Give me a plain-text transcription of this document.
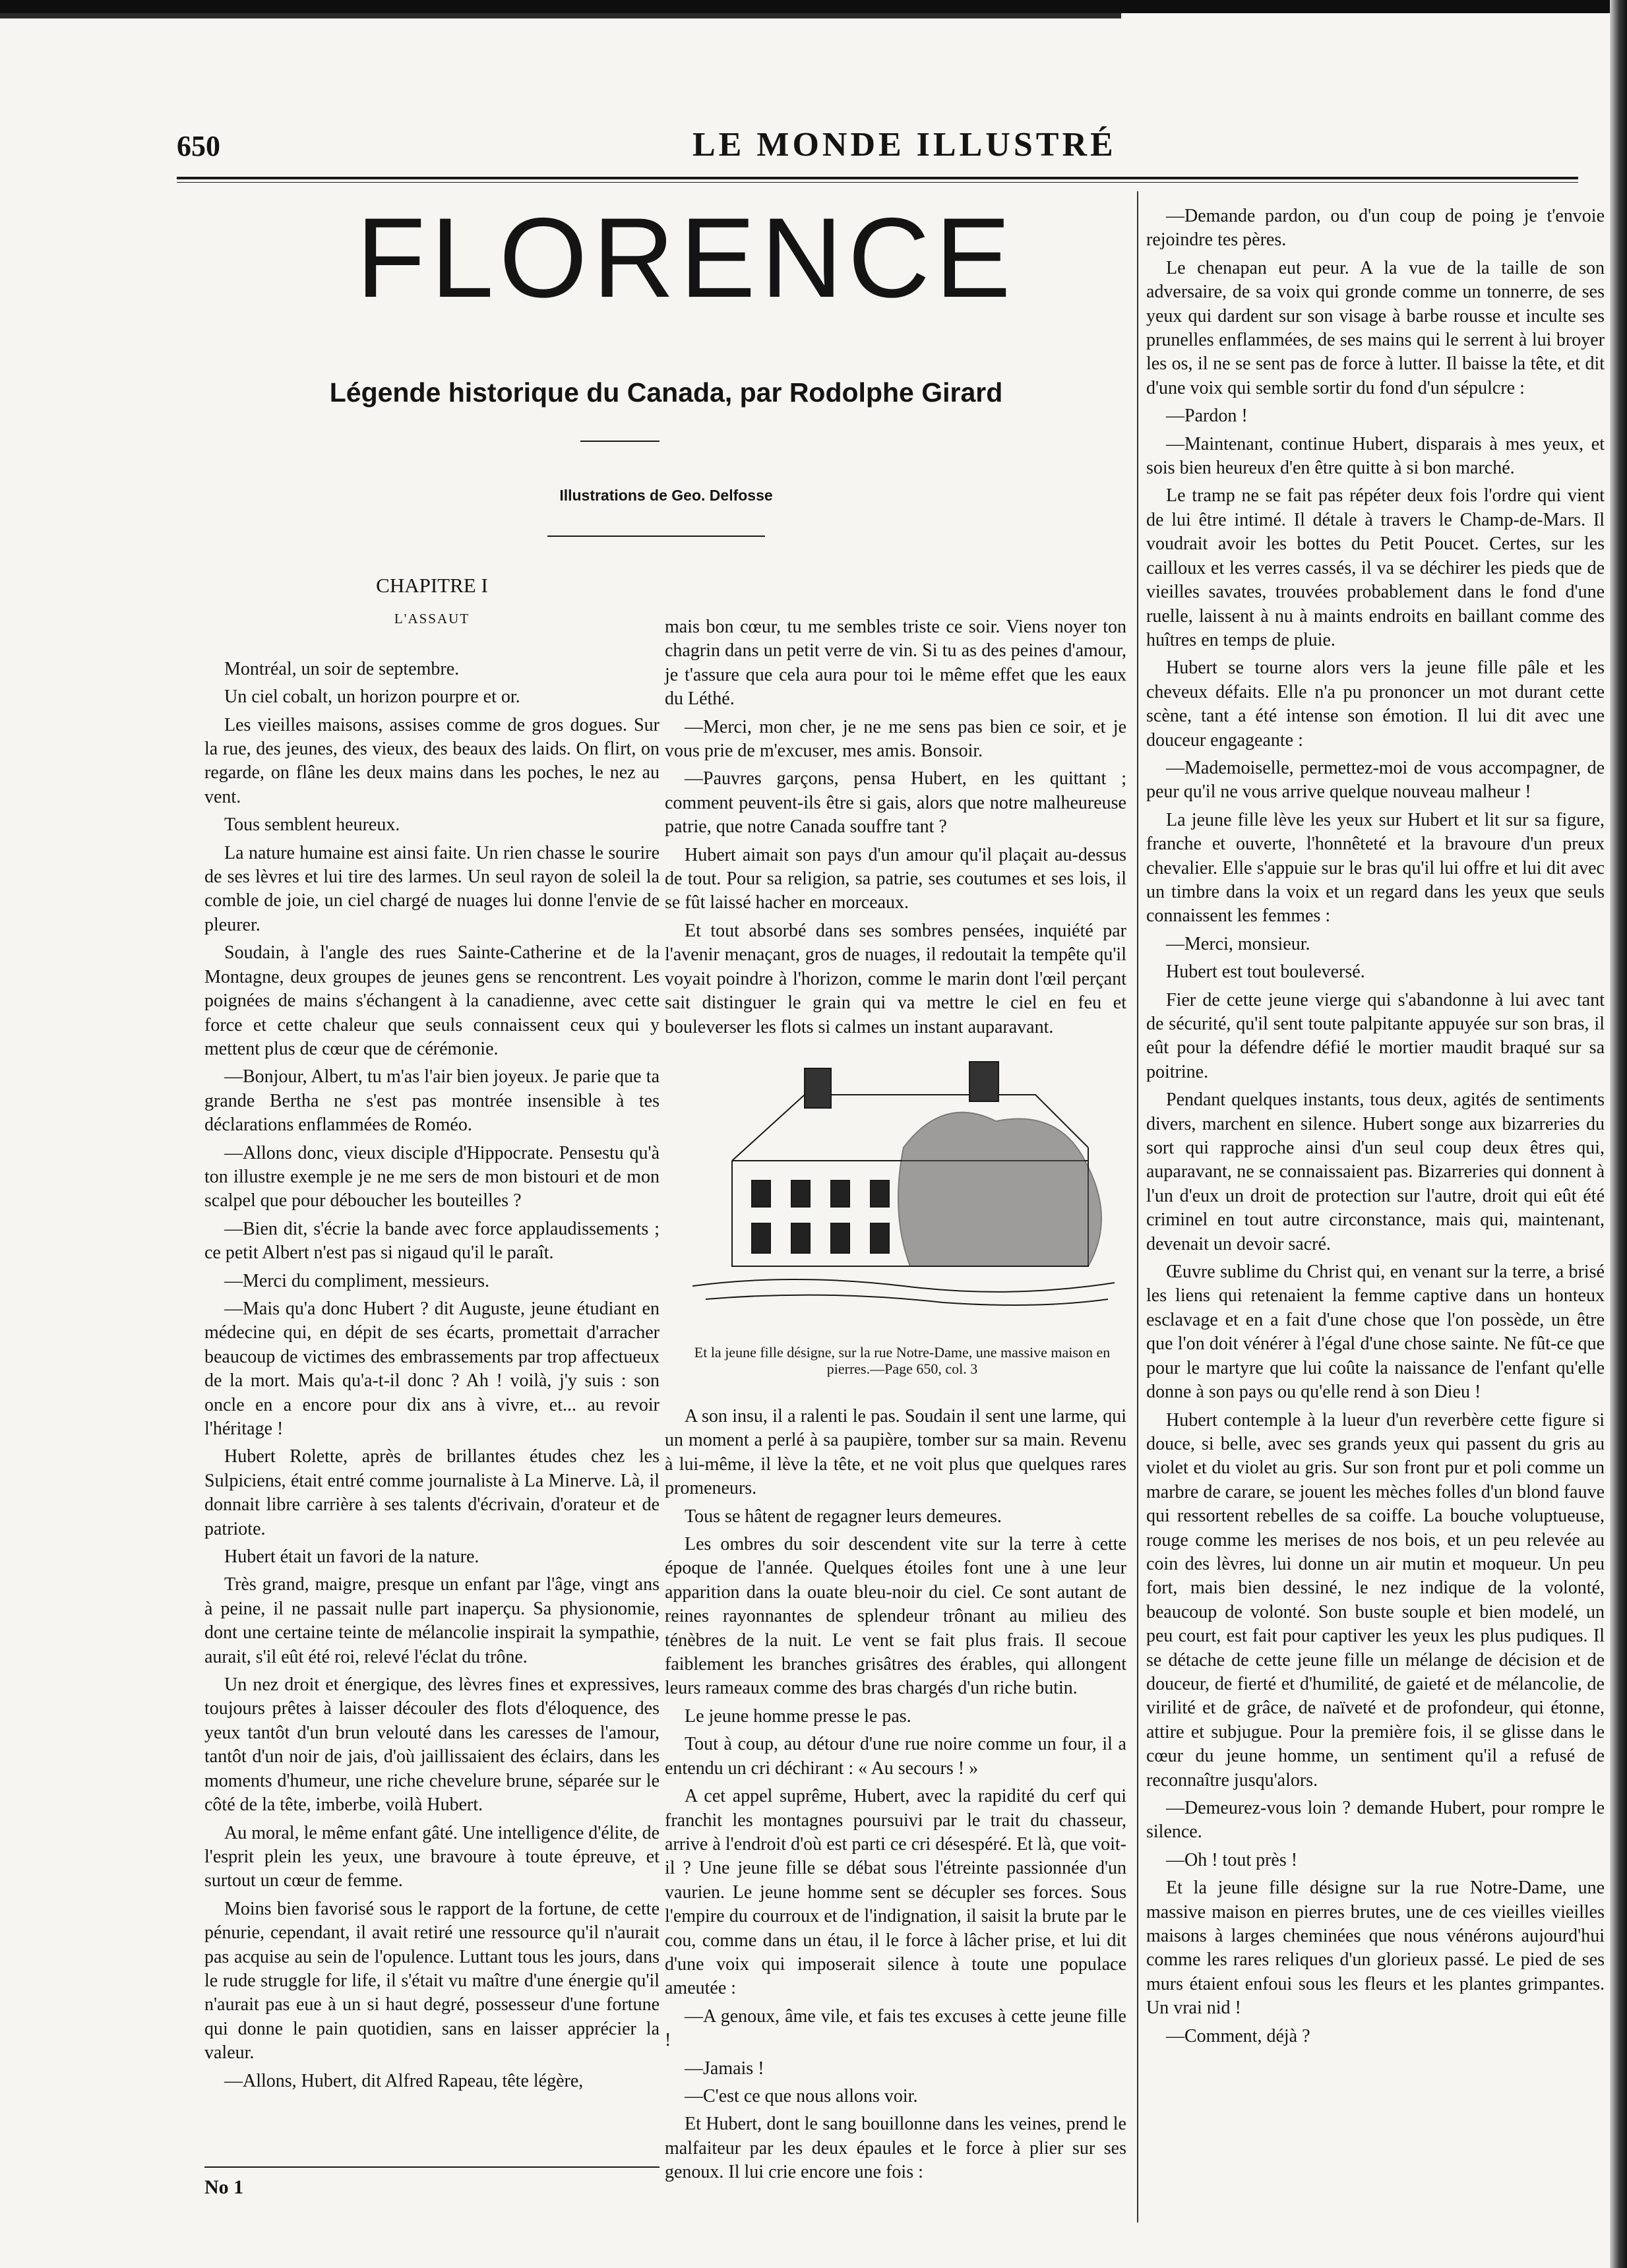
650	LE MONDE ILLUSTRÉ
FLORENCE
Légende historique du Canada, par Rodolphe Girard
Illustrations de Geo. Delfosse
CHAPITRE I
L'ASSAUT

Montréal, un soir de septembre.

Un ciel cobalt, un horizon pourpre et or.

Les vieilles maisons, assises comme de gros dogues. Sur la rue, des jeunes, des vieux, des beaux des laids. On flirt, on regarde, on flâne les deux mains dans les poches, le nez au vent.

Tous semblent heureux.

La nature humaine est ainsi faite. Un rien chasse le sourire de ses lèvres et lui tire des larmes. Un seul rayon de soleil la comble de joie, un ciel chargé de nuages lui donne l'envie de pleurer.

Soudain, à l'angle des rues Sainte-Catherine et de la Montagne, deux groupes de jeunes gens se rencontrent. Les poignées de mains s'échangent à la canadienne, avec cette force et cette chaleur que seuls connaissent ceux qui y mettent plus de cœur que de cérémonie.

—Bonjour, Albert, tu m'as l'air bien joyeux. Je parie que ta grande Bertha ne s'est pas montrée insensible à tes déclarations enflammées de Roméo.

—Allons donc, vieux disciple d'Hippocrate. Pensestu qu'à ton illustre exemple je ne me sers de mon bistouri et de mon scalpel que pour déboucher les bouteilles ?

—Bien dit, s'écrie la bande avec force applaudissements ; ce petit Albert n'est pas si nigaud qu'il le paraît.

—Merci du compliment, messieurs.

—Mais qu'a donc Hubert ? dit Auguste, jeune étudiant en médecine qui, en dépit de ses écarts, promettait d'arracher beaucoup de victimes des embrassements par trop affectueux de la mort. Mais qu'a-t-il donc ? Ah ! voilà, j'y suis : son oncle en a encore pour dix ans à vivre, et... au revoir l'héritage !

Hubert Rolette, après de brillantes études chez les Sulpiciens, était entré comme journaliste à La Minerve. Là, il donnait libre carrière à ses talents d'écrivain, d'orateur et de patriote.

Hubert était un favori de la nature.

Très grand, maigre, presque un enfant par l'âge, vingt ans à peine, il ne passait nulle part inaperçu. Sa physionomie, dont une certaine teinte de mélancolie inspirait la sympathie, aurait, s'il eût été roi, relevé l'éclat du trône.

Un nez droit et énergique, des lèvres fines et expressives, toujours prêtes à laisser découler des flots d'éloquence, des yeux tantôt d'un brun velouté dans les caresses de l'amour, tantôt d'un noir de jais, d'où jaillissaient des éclairs, dans les moments d'humeur, une riche chevelure brune, séparée sur le côté de la tête, imberbe, voilà Hubert.

Au moral, le même enfant gâté. Une intelligence d'élite, de l'esprit plein les yeux, une bravoure à toute épreuve, et surtout un cœur de femme.

Moins bien favorisé sous le rapport de la fortune, de cette pénurie, cependant, il avait retiré une ressource qu'il n'aurait pas acquise au sein de l'opulence. Luttant tous les jours, dans le rude struggle for life, il s'était vu maître d'une énergie qu'il n'aurait pas eue à un si haut degré, possesseur d'une fortune qui donne le pain quotidien, sans en laisser apprécier la valeur.

—Allons, Hubert, dit Alfred Rapeau, tête légère,

mais bon cœur, tu me sembles triste ce soir. Viens noyer ton chagrin dans un petit verre de vin. Si tu as des peines d'amour, je t'assure que cela aura pour toi le même effet que les eaux du Léthé.

—Merci, mon cher, je ne me sens pas bien ce soir, et je vous prie de m'excuser, mes amis. Bonsoir.

—Pauvres garçons, pensa Hubert, en les quittant ; comment peuvent-ils être si gais, alors que notre malheureuse patrie, que notre Canada souffre tant ?

Hubert aimait son pays d'un amour qu'il plaçait au-dessus de tout. Pour sa religion, sa patrie, ses coutumes et ses lois, il se fût laissé hacher en morceaux.

Et tout absorbé dans ses sombres pensées, inquiété par l'avenir menaçant, gros de nuages, il redoutait la tempête qu'il voyait poindre à l'horizon, comme le marin dont l'œil perçant sait distinguer le grain qui va mettre le ciel en feu et bouleverser les flots si calmes un instant auparavant.

Et la jeune fille désigne, sur la rue Notre-Dame, une massive maison en pierres.—Page 650, col. 3

A son insu, il a ralenti le pas. Soudain il sent une larme, qui un moment a perlé à sa paupière, tomber sur sa main. Revenu à lui-même, il lève la tête, et ne voit plus que quelques rares promeneurs.

Tous se hâtent de regagner leurs demeures.

Les ombres du soir descendent vite sur la terre à cette époque de l'année. Quelques étoiles font une à une leur apparition dans la ouate bleu-noir du ciel. Ce sont autant de reines rayonnantes de splendeur trônant au milieu des ténèbres de la nuit. Le vent se fait plus frais. Il secoue faiblement les branches grisâtres des érables, qui allongent leurs rameaux comme des bras chargés d'un riche butin.

Le jeune homme presse le pas.

Tout à coup, au détour d'une rue noire comme un four, il a entendu un cri déchirant : « Au secours ! »

A cet appel suprême, Hubert, avec la rapidité du cerf qui franchit les montagnes poursuivi par le trait du chasseur, arrive à l'endroit d'où est parti ce cri désespéré. Et là, que voit-il ? Une jeune fille se débat sous l'étreinte passionnée d'un vaurien. Le jeune homme sent se décupler ses forces. Sous l'empire du courroux et de l'indignation, il saisit la brute par le cou, comme dans un étau, il le force à lâcher prise, et lui dit d'une voix qui imposerait silence à toute une populace ameutée :

—A genoux, âme vile, et fais tes excuses à cette jeune fille !

—Jamais !

—C'est ce que nous allons voir.

Et Hubert, dont le sang bouillonne dans les veines, prend le malfaiteur par les deux épaules et le force à plier sur ses genoux. Il lui crie encore une fois :

—Demande pardon, ou d'un coup de poing je t'envoie rejoindre tes pères.

Le chenapan eut peur. A la vue de la taille de son adversaire, de sa voix qui gronde comme un tonnerre, de ses yeux qui dardent sur son visage à barbe rousse et inculte ses prunelles enflammées, de ses mains qui le serrent à lui broyer les os, il ne se sent pas de force à lutter. Il baisse la tête, et dit d'une voix qui semble sortir du fond d'un sépulcre :

—Pardon !

—Maintenant, continue Hubert, disparais à mes yeux, et sois bien heureux d'en être quitte à si bon marché.

Le tramp ne se fait pas répéter deux fois l'ordre qui vient de lui être intimé. Il détale à travers le Champ-de-Mars. Il voudrait avoir les bottes du Petit Poucet. Certes, sur les cailloux et les verres cassés, il va se déchirer les pieds que de vieilles savates, trouvées probablement dans le fond d'une ruelle, laissent à nu à maints endroits en baillant comme des huîtres en temps de pluie.

Hubert se tourne alors vers la jeune fille pâle et les cheveux défaits. Elle n'a pu prononcer un mot durant cette scène, tant a été intense son émotion. Il lui dit avec une douceur engageante :

—Mademoiselle, permettez-moi de vous accompagner, de peur qu'il ne vous arrive quelque nouveau malheur !

La jeune fille lève les yeux sur Hubert et lit sur sa figure, franche et ouverte, l'honnêteté et la bravoure d'un preux chevalier. Elle s'appuie sur le bras qu'il lui offre et lui dit avec un timbre dans la voix et un regard dans les yeux que seuls connaissent les femmes :

—Merci, monsieur.

Hubert est tout bouleversé.

Fier de cette jeune vierge qui s'abandonne à lui avec tant de sécurité, qu'il sent toute palpitante appuyée sur son bras, il eût pour la défendre défié le mortier maudit braqué sur sa poitrine.

Pendant quelques instants, tous deux, agités de sentiments divers, marchent en silence. Hubert songe aux bizarreries du sort qui rapproche ainsi d'un seul coup deux êtres qui, auparavant, ne se connaissaient pas. Bizarreries qui donnent à l'un d'eux un droit de protection sur l'autre, droit qui eût été criminel en tout autre circonstance, mais qui, maintenant, devenait un devoir sacré.

Œuvre sublime du Christ qui, en venant sur la terre, a brisé les liens qui retenaient la femme captive dans un honteux esclavage et en a fait d'une chose que l'on possède, un être que l'on doit vénérer à l'égal d'une chose sainte. Ne fût-ce que pour le martyre que lui coûte la naissance de l'enfant qu'elle donne à son pays ou qu'elle rend à son Dieu !

Hubert contemple à la lueur d'un reverbère cette figure si douce, si belle, avec ses grands yeux qui passent du gris au violet et du violet au gris. Sur son front pur et poli comme un marbre de carare, se jouent les mèches folles d'un blond fauve qui ressortent rebelles de sa coiffe. La bouche voluptueuse, rouge comme les merises de nos bois, et un peu relevée au coin des lèvres, lui donne un air mutin et moqueur. Un peu fort, mais bien dessiné, le nez indique de la volonté, beaucoup de volonté. Son buste souple et bien modelé, un peu court, est fait pour captiver les yeux les plus pudiques. Il se détache de cette jeune fille un mélange de décision et de douceur, de fierté et d'humilité, de gaieté et de mélancolie, de virilité et de grâce, de naïveté et de profondeur, qui étonne, attire et subjugue. Pour la première fois, il se glisse dans le cœur du jeune homme, un sentiment qu'il a refusé de reconnaître jusqu'alors.

—Demeurez-vous loin ? demande Hubert, pour rompre le silence.

—Oh ! tout près !

Et la jeune fille désigne sur la rue Notre-Dame, une massive maison en pierres brutes, une de ces vieilles vieilles maisons à larges cheminées que nous vénérons aujourd'hui comme les rares reliques d'un glorieux passé. Le pied de ses murs étaient enfoui sous les fleurs et les plantes grimpantes. Un vrai nid !

—Comment, déjà ?

No 1
